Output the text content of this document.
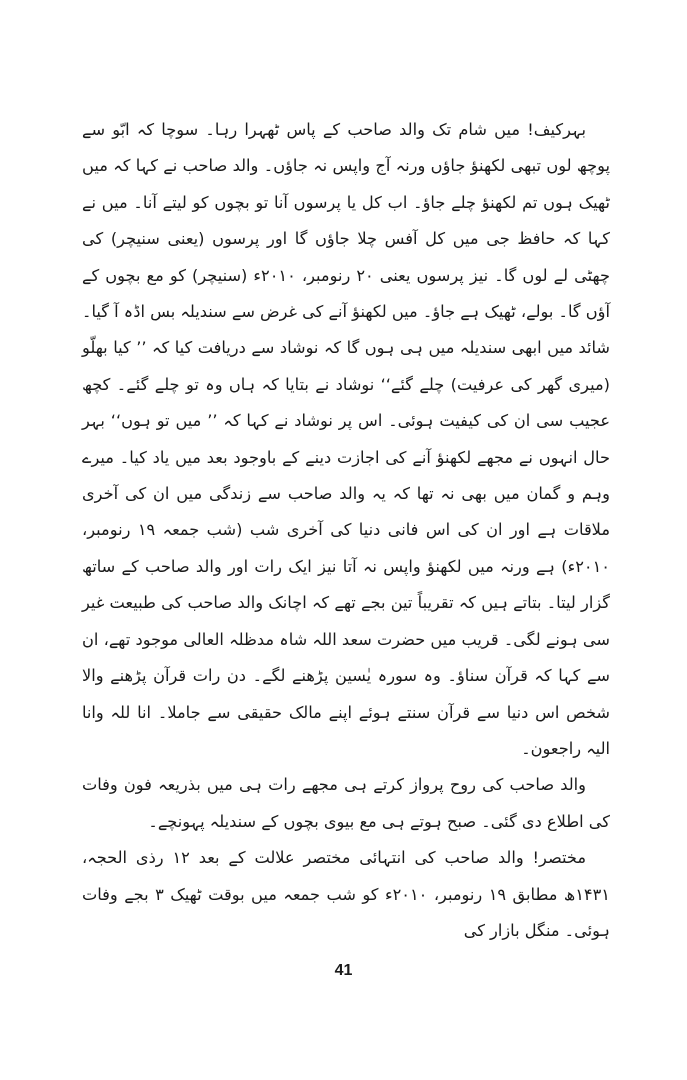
بہرکیف! میں شام تک والد صاحب کے پاس ٹھہرا رہا۔ سوچا کہ ابّو سے پوچھ لوں تبھی لکھنؤ جاؤں ورنہ آج واپس نہ جاؤں۔ والد صاحب نے کہا کہ میں ٹھیک ہوں تم لکھنؤ چلے جاؤ۔ اب کل یا پرسوں آنا تو بچوں کو لیتے آنا۔ میں نے کہا کہ حافظ جی میں کل آفس چلا جاؤں گا اور پرسوں (یعنی سنیچر) کی چھٹی لے لوں گا۔ نیز پرسوں یعنی ۲۰ رنومبر، ۲۰۱۰ء (سنیچر) کو مع بچوں کے آؤں گا۔ بولے، ٹھیک ہے جاؤ۔ میں لکھنؤ آنے کی غرض سے سندیلہ بس اڈہ آ گیا۔ شائد میں ابھی سندیلہ میں ہی ہوں گا کہ نوشاد سے دریافت کیا کہ ’’ کیا بھلّو (میری گھر کی عرفیت) چلے گئے‘‘ نوشاد نے بتایا کہ ہاں وہ تو چلے گئے۔ کچھ عجیب سی ان کی کیفیت ہوئی۔ اس پر نوشاد نے کہا کہ ’’ میں تو ہوں‘‘ بہر حال انہوں نے مجھے لکھنؤ آنے کی اجازت دینے کے باوجود بعد میں یاد کیا۔ میرے وہم و گمان میں بھی نہ تھا کہ یہ والد صاحب سے زندگی میں ان کی آخری ملاقات ہے اور ان کی اس فانی دنیا کی آخری شب (شب جمعہ ۱۹ رنومبر، ۲۰۱۰ء) ہے ورنہ میں لکھنؤ واپس نہ آتا نیز ایک رات اور والد صاحب کے ساتھ گزار لیتا۔ بتاتے ہیں کہ تقریباً تین بجے تھے کہ اچانک والد صاحب کی طبیعت غیر سی ہونے لگی۔ قریب میں حضرت سعد اللہ شاہ مدظلہ العالی موجود تھے، ان سے کہا کہ قرآن سناؤ۔ وہ سورہ یٰسین پڑھنے لگے۔ دن رات قرآن پڑھنے والا شخص اس دنیا سے قرآن سنتے ہوئے اپنے مالک حقیقی سے جاملا۔ انا للہ وانا الیہ راجعون۔

والد صاحب کی روح پرواز کرتے ہی مجھے رات ہی میں بذریعہ فون وفات کی اطلاع دی گئی۔ صبح ہوتے ہی مع بیوی بچوں کے سندیلہ پہونچے۔

مختصر! والد صاحب کی انتہائی مختصر علالت کے بعد ۱۲ رذی الحجہ، ۱۴۳۱ھ مطابق ۱۹ رنومبر، ۲۰۱۰ء کو شب جمعہ میں بوقت ٹھیک ۳ بجے وفات ہوئی۔ منگل بازار کی

41
